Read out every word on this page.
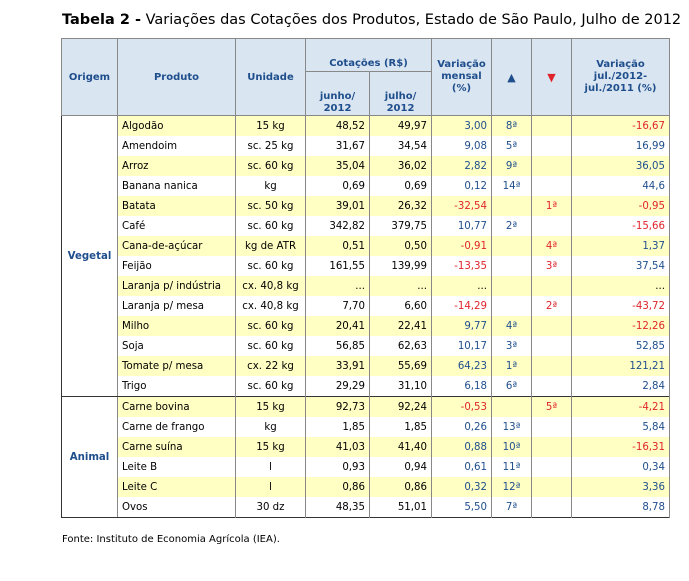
Tabela 2 - Variações das Cotações dos Produtos, Estado de São Paulo, Julho de 2012
Origem	Produto	Unidade	Cotações (R$)		Variação mensal (%)	▲	▼	Variação jul./2012- jul./2011 (%)
			junho/ 2012	julho/ 2012				
Vegetal	Algodão	15 kg	48,52	49,97	3,00	8ª		-16,67
	Amendoim	sc. 25 kg	31,67	34,54	9,08	5ª		16,99
	Arroz	sc. 60 kg	35,04	36,02	2,82	9ª		36,05
	Banana nanica	kg	0,69	0,69	0,12	14ª		44,6
	Batata	sc. 50 kg	39,01	26,32	-32,54		1ª	-0,95
	Café	sc. 60 kg	342,82	379,75	10,77	2ª		-15,66
	Cana-de-açúcar	kg de ATR	0,51	0,50	-0,91		4ª	1,37
	Feijão	sc. 60 kg	161,55	139,99	-13,35		3ª	37,54
	Laranja p/ indústria	cx. 40,8 kg	...	...	...			...
	Laranja p/ mesa	cx. 40,8 kg	7,70	6,60	-14,29		2ª	-43,72
	Milho	sc. 60 kg	20,41	22,41	9,77	4ª		-12,26
	Soja	sc. 60 kg	56,85	62,63	10,17	3ª		52,85
	Tomate p/ mesa	cx. 22 kg	33,91	55,69	64,23	1ª		121,21
	Trigo	sc. 60 kg	29,29	31,10	6,18	6ª		2,84
Animal	Carne bovina	15 kg	92,73	92,24	-0,53		5ª	-4,21
	Carne de frango	kg	1,85	1,85	0,26	13ª		5,84
	Carne suína	15 kg	41,03	41,40	0,88	10ª		-16,31
	Leite B	l	0,93	0,94	0,61	11ª		0,34
	Leite C	l	0,86	0,86	0,32	12ª		3,36
	Ovos	30 dz	48,35	51,01	5,50	7ª		8,78
Fonte: Instituto de Economia Agrícola (IEA).
